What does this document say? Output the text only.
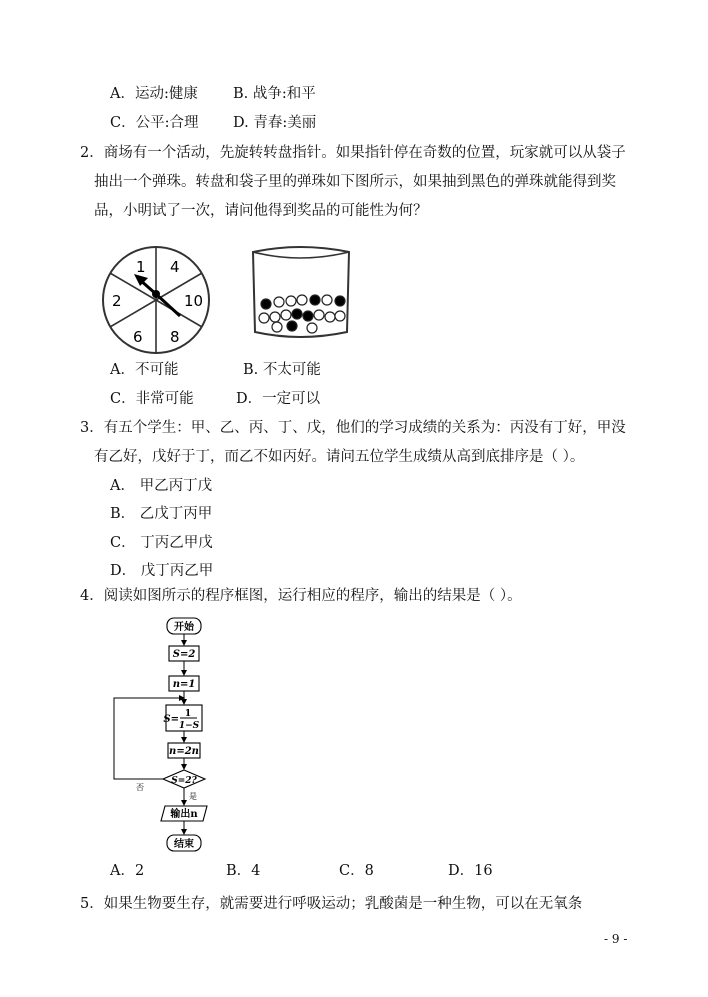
A．运动:健康 B. 战争:和平
C．公平:合理 D. 青春:美丽
2．商场有一个活动，先旋转转盘指针。如果指针停在奇数的位置，玩家就可以从袋子
抽出一个弹珠。转盘和袋子里的弹珠如下图所示，如果抽到黑色的弹珠就能得到奖
品，小明试了一次，请问他得到奖品的可能性为何？
1 4
10
8
6
2
A．不可能	B. 不太可能
C．非常可能	D．一定可以
3．有五个学生：甲、乙、丙、丁、戊，他们的学习成绩的关系为：丙没有丁好，甲没
有乙好，戊好于丁，而乙不如丙好。请问五位学生成绩从高到底排序是（ ）。
A． 甲乙丙丁戊
B． 乙戊丁丙甲
C． 丁丙乙甲戊
D． 戊丁丙乙甲
4．阅读如图所示的程序框图，运行相应的程序，输出的结果是（ ）。
开始
S=2
n=1
S= 1
1−S
n=2n
S=2?
否
是
输出n
结束
A．2	B．4	C．8	D．16
5．如果生物要生存，就需要进行呼吸运动；乳酸菌是一种生物，可以在无氧条
- 9 -
